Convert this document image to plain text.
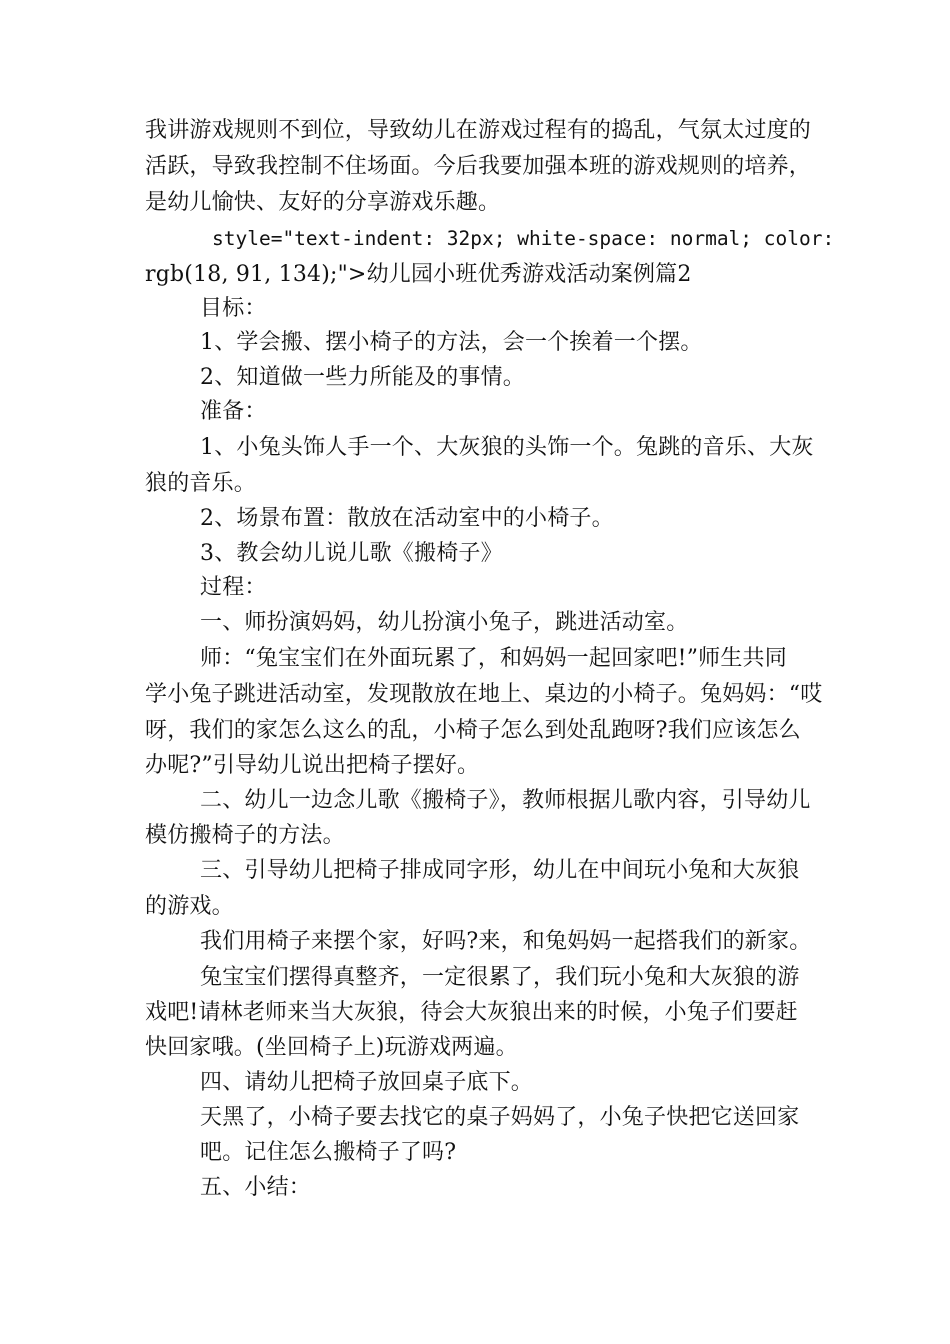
我讲游戏规则不到位，导致幼儿在游戏过程有的捣乱，气氛太过度的
活跃，导致我控制不住场面。今后我要加强本班的游戏规则的培养，
是幼儿愉快、友好的分享游戏乐趣。
style="text-indent: 32px; white-space: normal; color:
rgb(18, 91, 134);">幼儿园小班优秀游戏活动案例篇2
目标：
1、学会搬、摆小椅子的方法，会一个挨着一个摆。
2、知道做一些力所能及的事情。
准备：
1、小兔头饰人手一个、大灰狼的头饰一个。兔跳的音乐、大灰
狼的音乐。
2、场景布置：散放在活动室中的小椅子。
3、教会幼儿说儿歌《搬椅子》
过程：
一、师扮演妈妈，幼儿扮演小兔子，跳进活动室。
师：“兔宝宝们在外面玩累了，和妈妈一起回家吧!”师生共同
学小兔子跳进活动室，发现散放在地上、桌边的小椅子。兔妈妈：“哎
呀，我们的家怎么这么的乱，小椅子怎么到处乱跑呀?我们应该怎么
办呢?”引导幼儿说出把椅子摆好。
二、幼儿一边念儿歌《搬椅子》，教师根据儿歌内容，引导幼儿
模仿搬椅子的方法。
三、引导幼儿把椅子排成同字形，幼儿在中间玩小兔和大灰狼
的游戏。
我们用椅子来摆个家，好吗?来，和兔妈妈一起搭我们的新家。
兔宝宝们摆得真整齐，一定很累了，我们玩小兔和大灰狼的游
戏吧!请林老师来当大灰狼，待会大灰狼出来的时候，小兔子们要赶
快回家哦。(坐回椅子上)玩游戏两遍。
四、请幼儿把椅子放回桌子底下。
天黑了，小椅子要去找它的桌子妈妈了，小兔子快把它送回家
吧。记住怎么搬椅子了吗?
五、小结：
